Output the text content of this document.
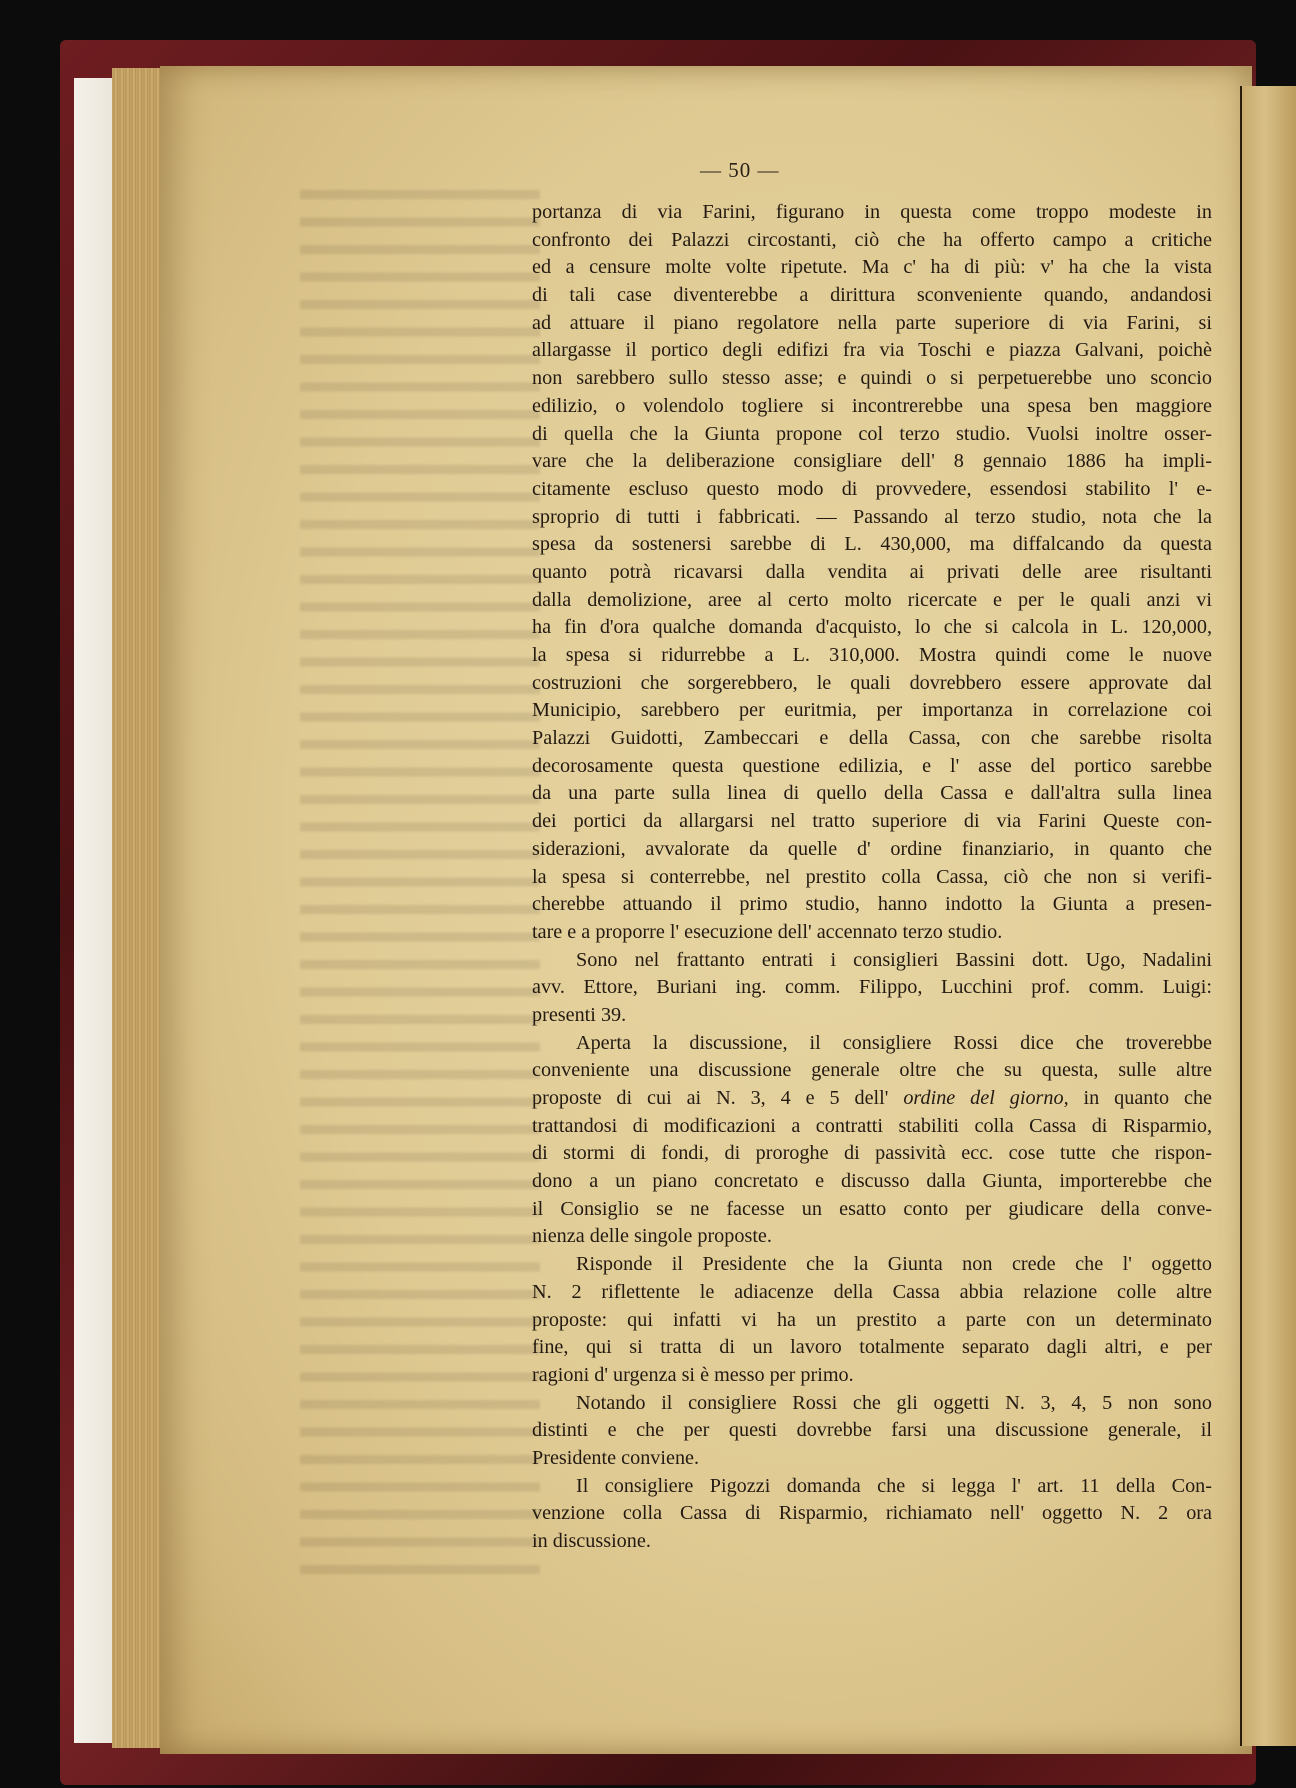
— 50 —
portanza di via Farini, figurano in questa come troppo modeste in
confronto dei Palazzi circostanti, ciò che ha offerto campo a critiche
ed a censure molte volte ripetute. Ma c' ha di più: v' ha che la vista
di tali case diventerebbe a dirittura sconveniente quando, andandosi
ad attuare il piano regolatore nella parte superiore di via Farini, si
allargasse il portico degli edifizi fra via Toschi e piazza Galvani, poichè
non sarebbero sullo stesso asse; e quindi o si perpetuerebbe uno sconcio
edilizio, o volendolo togliere si incontrerebbe una spesa ben maggiore
di quella che la Giunta propone col terzo studio. Vuolsi inoltre osser-
vare che la deliberazione consigliare dell' 8 gennaio 1886 ha impli-
citamente escluso questo modo di provvedere, essendosi stabilito l' e-
sproprio di tutti i fabbricati. — Passando al terzo studio, nota che la
spesa da sostenersi sarebbe di L. 430,000, ma diffalcando da questa
quanto potrà ricavarsi dalla vendita ai privati delle aree risultanti
dalla demolizione, aree al certo molto ricercate e per le quali anzi vi
ha fin d'ora qualche domanda d'acquisto, lo che si calcola in L. 120,000,
la spesa si ridurrebbe a L. 310,000. Mostra quindi come le nuove
costruzioni che sorgerebbero, le quali dovrebbero essere approvate dal
Municipio, sarebbero per euritmia, per importanza in correlazione coi
Palazzi Guidotti, Zambeccari e della Cassa, con che sarebbe risolta
decorosamente questa questione edilizia, e l' asse del portico sarebbe
da una parte sulla linea di quello della Cassa e dall'altra sulla linea
dei portici da allargarsi nel tratto superiore di via Farini Queste con-
siderazioni, avvalorate da quelle d' ordine finanziario, in quanto che
la spesa si conterrebbe, nel prestito colla Cassa, ciò che non si verifi-
cherebbe attuando il primo studio, hanno indotto la Giunta a presen-
tare e a proporre l' esecuzione dell' accennato terzo studio.
Sono nel frattanto entrati i consiglieri Bassini dott. Ugo, Nadalini
avv. Ettore, Buriani ing. comm. Filippo, Lucchini prof. comm. Luigi:
presenti 39.
Aperta la discussione, il consigliere Rossi dice che troverebbe
conveniente una discussione generale oltre che su questa, sulle altre
proposte di cui ai N. 3, 4 e 5 dell' ordine del giorno, in quanto che
trattandosi di modificazioni a contratti stabiliti colla Cassa di Risparmio,
di stormi di fondi, di proroghe di passività ecc. cose tutte che rispon-
dono a un piano concretato e discusso dalla Giunta, importerebbe che
il Consiglio se ne facesse un esatto conto per giudicare della conve-
nienza delle singole proposte.
Risponde il Presidente che la Giunta non crede che l' oggetto
N. 2 riflettente le adiacenze della Cassa abbia relazione colle altre
proposte: qui infatti vi ha un prestito a parte con un determinato
fine, qui si tratta di un lavoro totalmente separato dagli altri, e per
ragioni d' urgenza si è messo per primo.
Notando il consigliere Rossi che gli oggetti N. 3, 4, 5 non sono
distinti e che per questi dovrebbe farsi una discussione generale, il
Presidente conviene.
Il consigliere Pigozzi domanda che si legga l' art. 11 della Con-
venzione colla Cassa di Risparmio, richiamato nell' oggetto N. 2 ora
in discussione.
